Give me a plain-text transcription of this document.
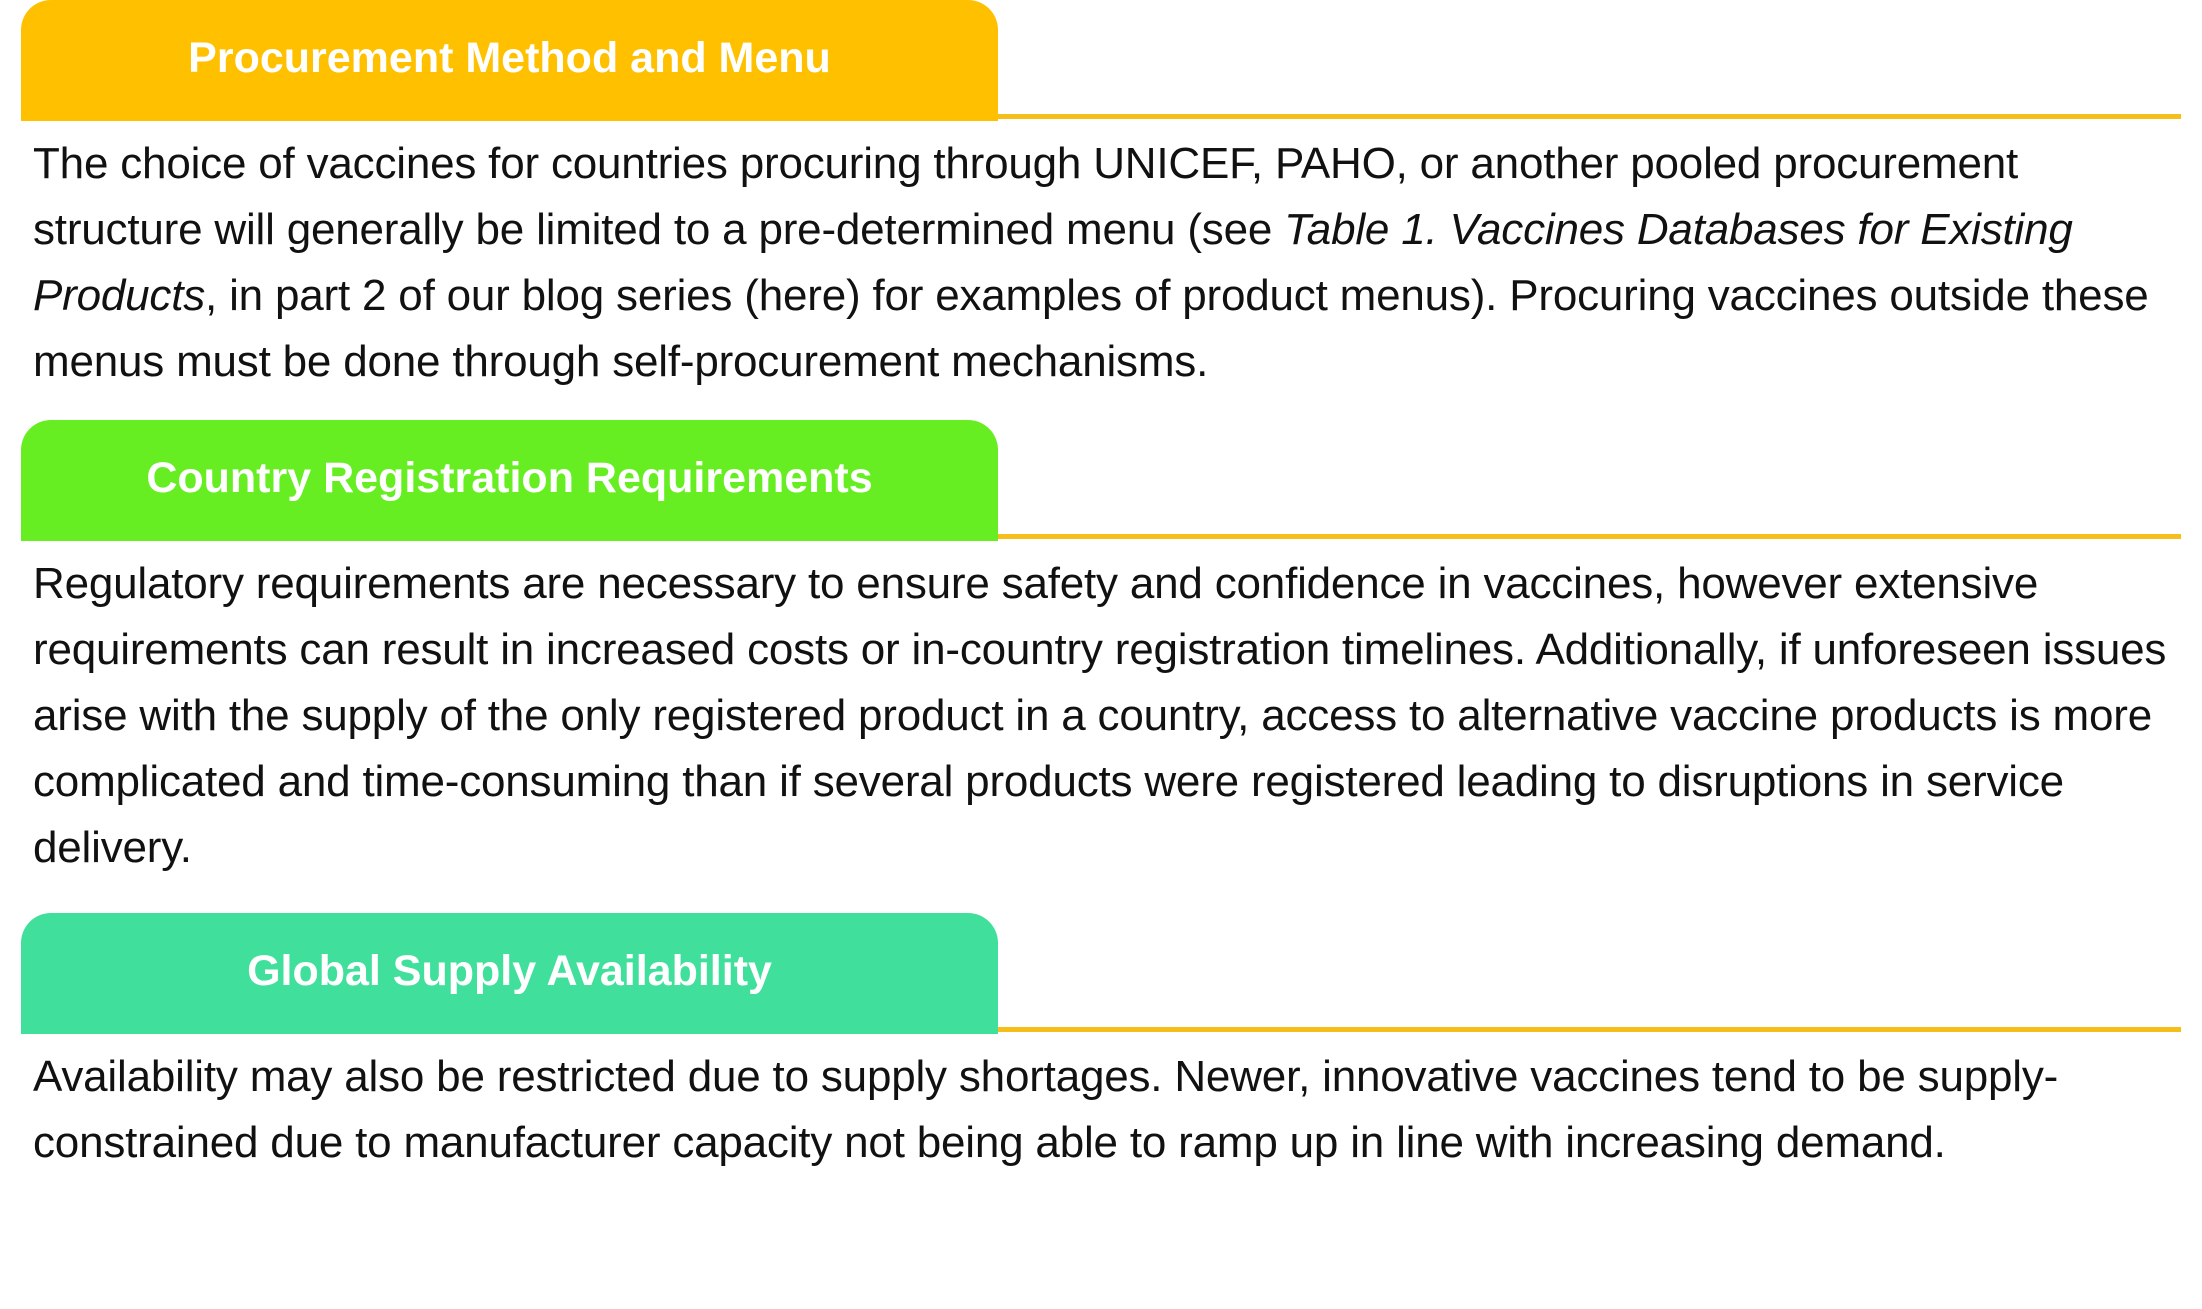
Procurement Method and Menu

The choice of vaccines for countries procuring through UNICEF, PAHO, or another pooled procurement structure will generally be limited to a pre-determined menu (see Table 1. Vaccines Databases for Existing Products, in part 2 of our blog series (here) for examples of product menus). Procuring vaccines outside these menus must be done through self-procurement mechanisms.

Country Registration Requirements

Regulatory requirements are necessary to ensure safety and confidence in vaccines, however extensive requirements can result in increased costs or in-country registration timelines. Additionally, if unforeseen issues arise with the supply of the only registered product in a country, access to alternative vaccine products is more complicated and time-consuming than if several products were registered leading to disruptions in service delivery.

Global Supply Availability

Availability may also be restricted due to supply shortages. Newer, innovative vaccines tend to be supply-constrained due to manufacturer capacity not being able to ramp up in line with increasing demand.
